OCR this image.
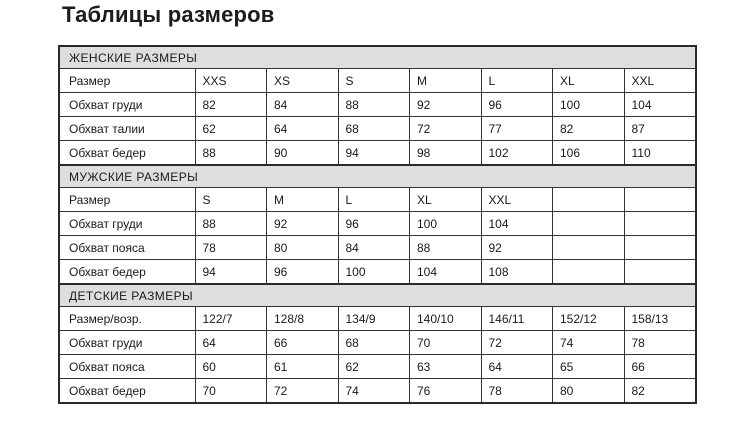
Таблицы размеров
ЖЕНСКИЕ РАЗМЕРЫ							
Размер	XXS	XS	S	M	L	XL	XXL
Обхват груди	82	84	88	92	96	100	104
Обхват талии	62	64	68	72	77	82	87
Обхват бедер	88	90	94	98	102	106	110
МУЖСКИЕ РАЗМЕРЫ							
Размер	S	M	L	XL	XXL		
Обхват груди	88	92	96	100	104		
Обхват пояса	78	80	84	88	92		
Обхват бедер	94	96	100	104	108		
ДЕТСКИЕ РАЗМЕРЫ							
Размер/возр.	122/7	128/8	134/9	140/10	146/11	152/12	158/13
Обхват груди	64	66	68	70	72	74	78
Обхват пояса	60	61	62	63	64	65	66
Обхват бедер	70	72	74	76	78	80	82
